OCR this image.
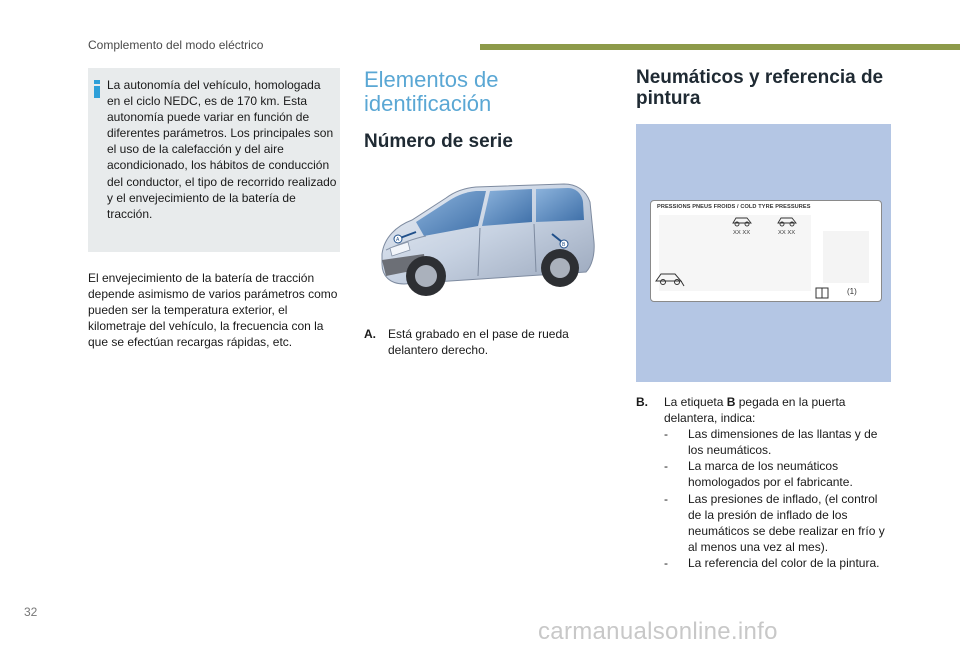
Complemento del modo eléctrico
La autonomía del vehículo, homologada en el ciclo NEDC, es de 170 km. Esta autonomía puede variar en función de diferentes parámetros. Los principales son el uso de la calefacción y del aire acondicionado, los hábitos de conducción del conductor, el tipo de recorrido realizado y el envejecimiento de la batería de tracción.
El envejecimiento de la batería de tracción depende asimismo de varios parámetros como pueden ser la temperatura exterior, el kilometraje del vehículo, la frecuencia con la que se efectúan recargas rápidas, etc.
Elementos de identificación
Número de serie
A
B
A. Está grabado en el pase de rueda delantero derecho.
Neumáticos y referencia de pintura
PRESSIONS PNEUS FROIDS / COLD TYRE PRESSURES
XX XX	XX XX
(1)
B. La etiqueta B pegada en la puerta delantera, indica:
- Las dimensiones de las llantas y de los neumáticos.
- La marca de los neumáticos homologados por el fabricante.
- Las presiones de inflado, (el control de la presión de inflado de los neumáticos se debe realizar en frío y al menos una vez al mes).
- La referencia del color de la pintura.
32
carmanualsonline.info
